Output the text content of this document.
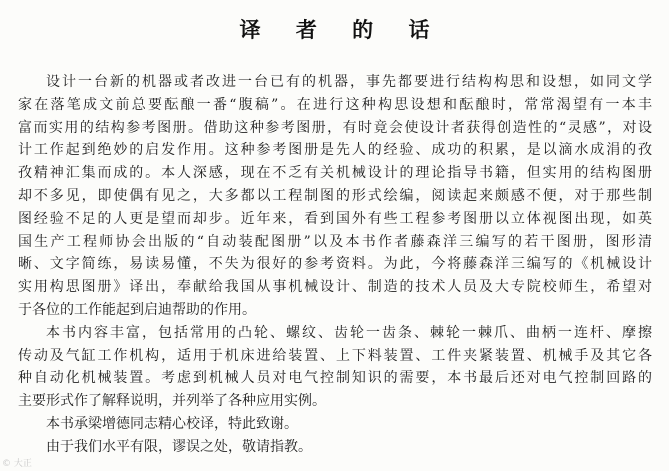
译 者 的 话
设计一台新的机器或者改进一台已有的机器，事先都要进行结构构思和设想，如同文学
家在落笔成文前总要酝酿一番“腹稿”。在进行这种构思设想和酝酿时，常常渴望有一本丰
富而实用的结构参考图册。借助这种参考图册，有时竟会使设计者获得创造性的“灵感”，对设
计工作起到绝妙的启发作用。这种参考图册是先人的经验、成功的积累，是以滴水成涓的孜
孜精神汇集而成的。本人深感，现在不乏有关机械设计的理论指导书籍，但实用的结构图册
却不多见，即使偶有见之，大多都以工程制图的形式绘编，阅读起来颇感不便，对于那些制
图经验不足的人更是望而却步。近年来，看到国外有些工程参考图册以立体视图出现，如英
国生产工程师协会出版的“自动装配图册”以及本书作者藤森洋三编写的若干图册，图形清
晰、文字简练，易读易懂，不失为很好的参考资料。为此，今将藤森洋三编写的《机械设计
实用构思图册》译出，奉献给我国从事机械设计、制造的技术人员及大专院校师生，希望对
于各位的工作能起到启迪帮助的作用。
本书内容丰富，包括常用的凸轮、螺纹、齿轮一齿条、棘轮一棘爪、曲柄一连杆、摩擦
传动及气缸工作机构，适用于机床进给装置、上下料装置、工件夹紧装置、机械手及其它各
种自动化机械装置。考虑到机械人员对电气控制知识的需要，本书最后还对电气控制回路的
主要形式作了解释说明，并列举了各种应用实例。
本书承梁增德同志精心校译，特此致谢。
由于我们水平有限，谬误之处，敬请指教。
© 大正
